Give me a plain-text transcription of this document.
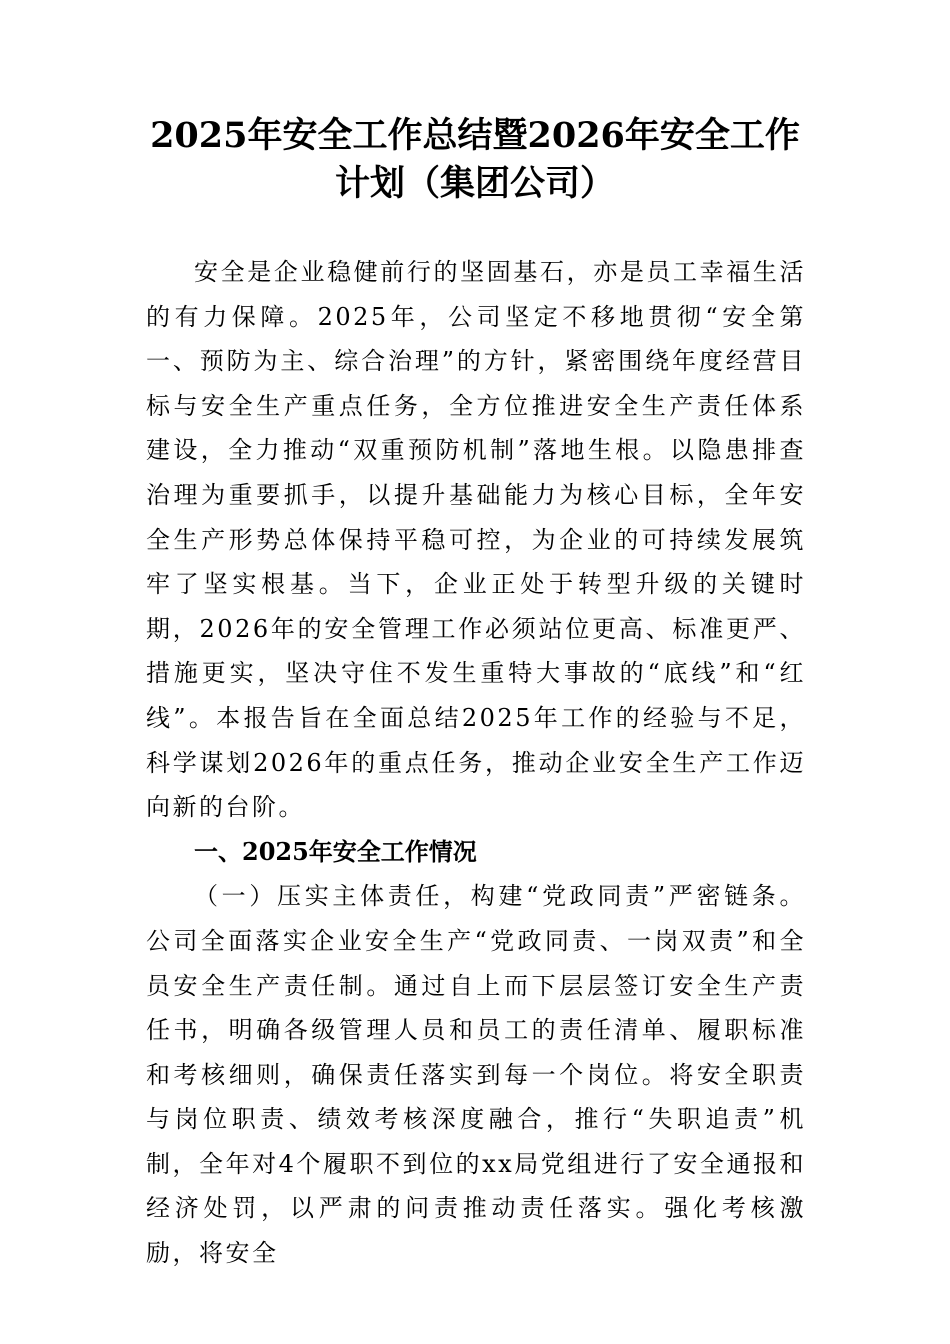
2025年安全工作总结暨2026年安全工作计划（集团公司）

安全是企业稳健前行的坚固基石，亦是员工幸福生活的有力保障。2025年，公司坚定不移地贯彻“安全第一、预防为主、综合治理”的方针，紧密围绕年度经营目标与安全生产重点任务，全方位推进安全生产责任体系建设，全力推动“双重预防机制”落地生根。以隐患排查治理为重要抓手，以提升基础能力为核心目标，全年安全生产形势总体保持平稳可控，为企业的可持续发展筑牢了坚实根基。当下，企业正处于转型升级的关键时期，2026年的安全管理工作必须站位更高、标准更严、措施更实，坚决守住不发生重特大事故的“底线”和“红线”。本报告旨在全面总结2025年工作的经验与不足，科学谋划2026年的重点任务，推动企业安全生产工作迈向新的台阶。

一、2025年安全工作情况

（一）压实主体责任，构建“党政同责”严密链条。公司全面落实企业安全生产“党政同责、一岗双责”和全员安全生产责任制。通过自上而下层层签订安全生产责任书，明确各级管理人员和员工的责任清单、履职标准和考核细则，确保责任落实到每一个岗位。将安全职责与岗位职责、绩效考核深度融合，推行“失职追责”机制，全年对4个履职不到位的xx局党组进行了安全通报和经济处罚，以严肃的问责推动责任落实。强化考核激励，将安全
